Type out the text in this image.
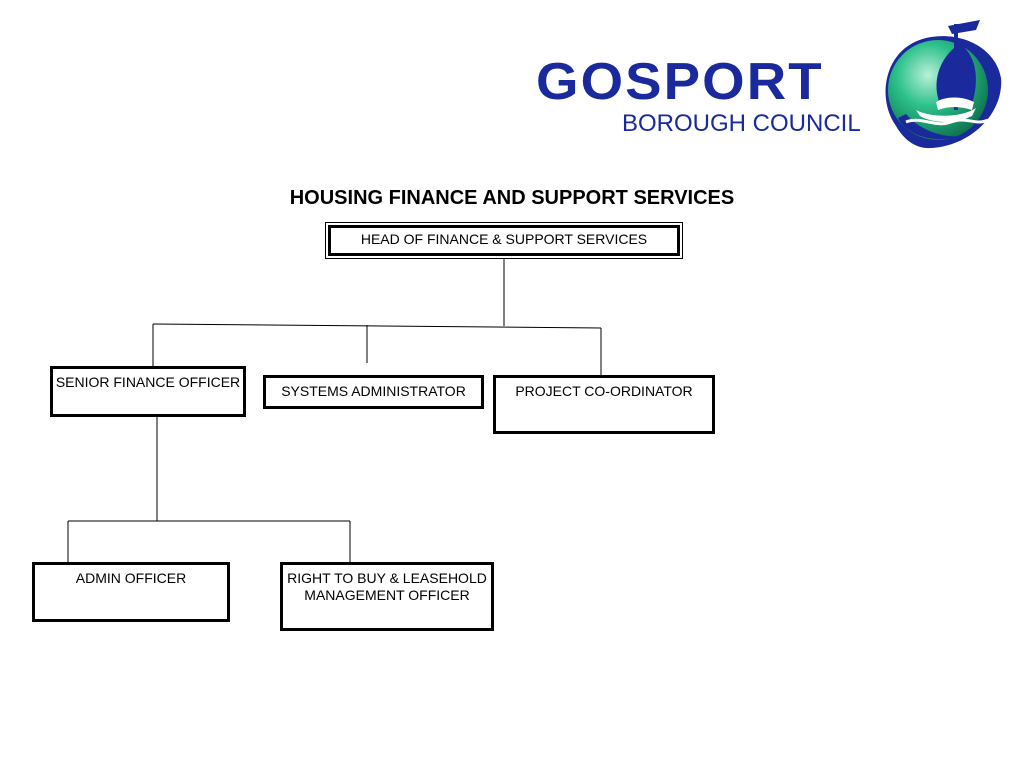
GOSPORT
BOROUGH COUNCIL
HOUSING FINANCE AND SUPPORT SERVICES
HEAD OF FINANCE & SUPPORT SERVICES
SENIOR FINANCE OFFICER
SYSTEMS ADMINISTRATOR	PROJECT CO-ORDINATOR
ADMIN OFFICER	RIGHT TO BUY & LEASEHOLD MANAGEMENT OFFICER
